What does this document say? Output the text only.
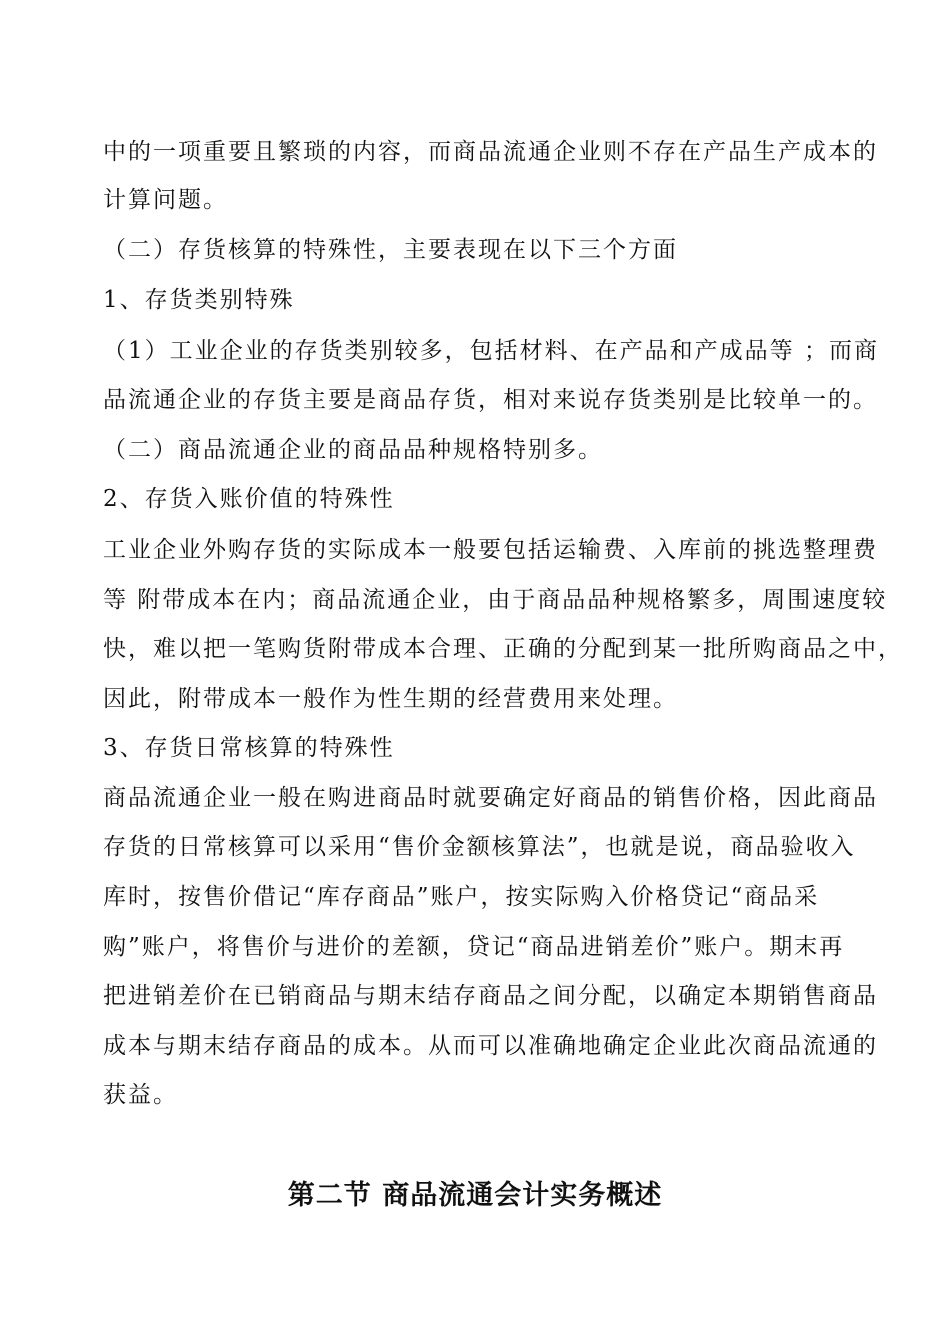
中的一项重要且繁琐的内容，而商品流通企业则不存在产品生产成本的
计算问题。
（二）存货核算的特殊性，主要表现在以下三个方面
1、存货类别特殊
（1）工业企业的存货类别较多，包括材料、在产品和产成品等 ；而商
品流通企业的存货主要是商品存货，相对来说存货类别是比较单一的。
（二）商品流通企业的商品品种规格特别多。
2、存货入账价值的特殊性
工业企业外购存货的实际成本一般要包括运输费、入库前的挑选整理费
等 附带成本在内；商品流通企业，由于商品品种规格繁多，周围速度较
快，难以把一笔购货附带成本合理、正确的分配到某一批所购商品之中，
因此，附带成本一般作为性生期的经营费用来处理。
3、存货日常核算的特殊性
商品流通企业一般在购进商品时就要确定好商品的销售价格，因此商品
存货的日常核算可以采用“售价金额核算法”，也就是说，商品验收入
库时，按售价借记“库存商品”账户，按实际购入价格贷记“商品采
购”账户，将售价与进价的差额，贷记“商品进销差价”账户。期末再
把进销差价在已销商品与期末结存商品之间分配，以确定本期销售商品
成本与期末结存商品的成本。从而可以准确地确定企业此次商品流通的
获益。
第二节 商品流通会计实务概述
